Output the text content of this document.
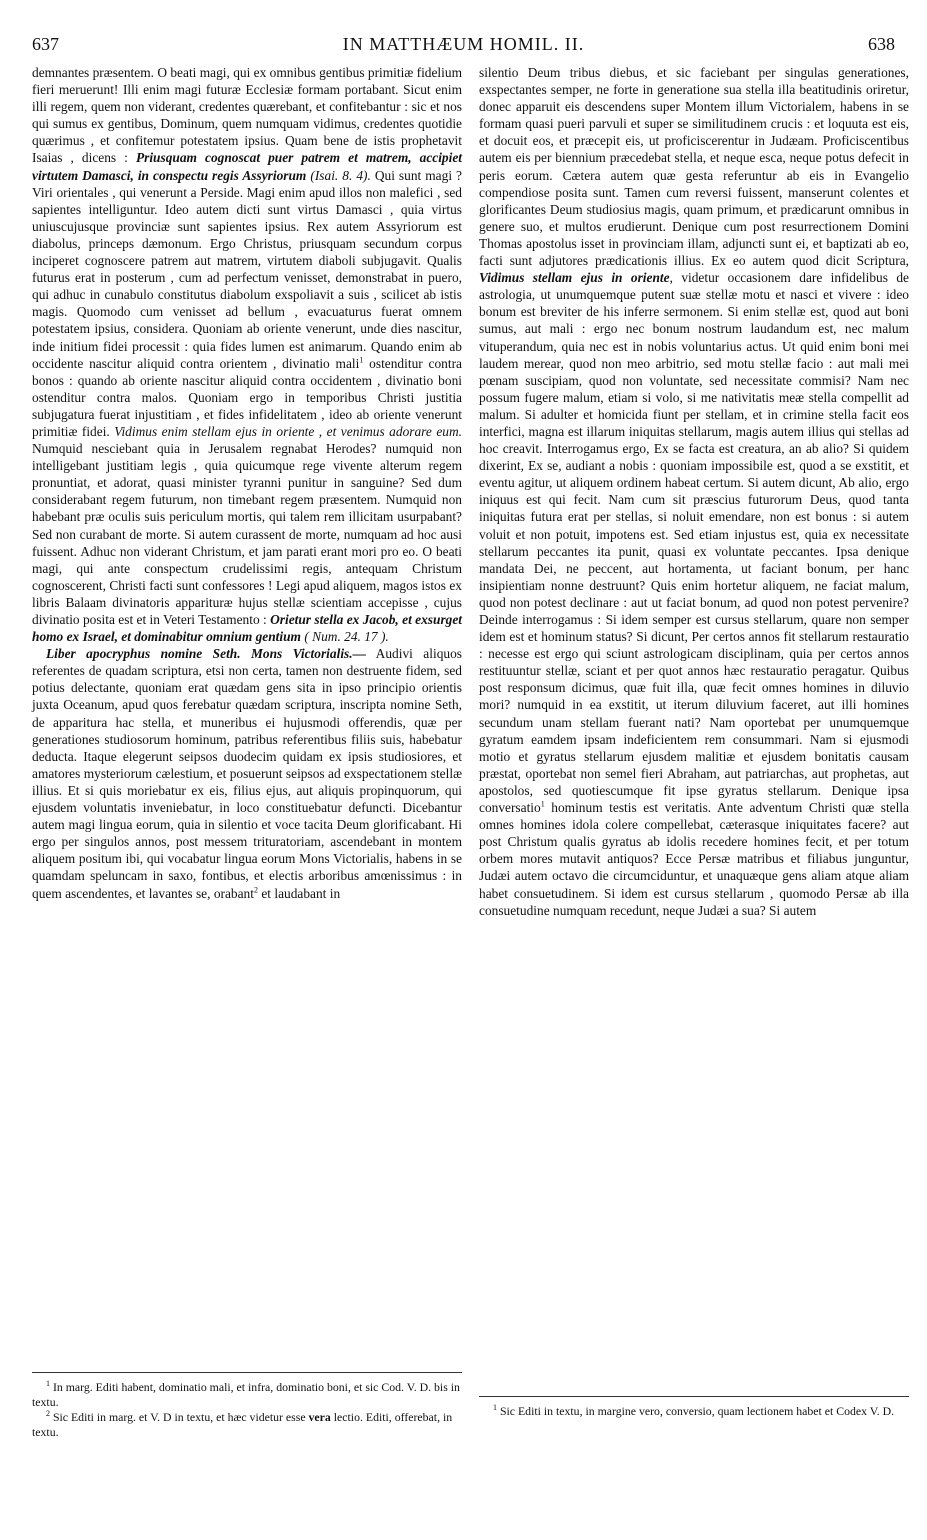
637	IN MATTHÆUM HOMIL. II.	638

demnantes præsentem. O beati magi, qui ex omnibus gentibus primitiæ fidelium fieri meruerunt! Illi enim magi futuræ Ecclesiæ formam portabant. Sicut enim illi regem, quem non viderant, credentes quærebant, et confitebantur : sic et nos qui sumus ex gentibus, Dominum, quem numquam vidimus, credentes quotidie quærimus , et confitemur potestatem ipsius. Quam bene de istis prophetavit Isaias , dicens : Priusquam cognoscat puer patrem et matrem, accipiet virtutem Damasci, in conspectu regis Assyriorum (Isai. 8. 4). Qui sunt magi ? Viri orientales , qui venerunt a Perside. Magi enim apud illos non malefici , sed sapientes intelliguntur. Ideo autem dicti sunt virtus Damasci , quia virtus uniuscujusque provinciæ sunt sapientes ipsius. Rex autem Assyriorum est diabolus, princeps dæmonum. Ergo Christus, priusquam secundum corpus inciperet cognoscere patrem aut matrem, virtutem diaboli subjugavit. Qualis futurus erat in posterum , cum ad perfectum venisset, demonstrabat in puero, qui adhuc in cunabulo constitutus diabolum exspoliavit a suis , scilicet ab istis magis. Quomodo cum venisset ad bellum , evacuaturus fuerat omnem potestatem ipsius, considera. Quoniam ab oriente venerunt, unde dies nascitur, inde initium fidei processit : quia fides lumen est animarum. Quando enim ab occidente nascitur aliquid contra orientem , divinatio mali$^1$ ostenditur contra bonos : quando ab oriente nascitur aliquid contra occidentem , divinatio boni ostenditur contra malos. Quoniam ergo in temporibus Christi justitia subjugatura fuerat injustitiam , et fides infidelitatem , ideo ab oriente venerunt primitiæ fidei. Vidimus enim stellam ejus in oriente , et venimus adorare eum. Numquid nesciebant quia in Jerusalem regnabat Herodes? numquid non intelligebant justitiam legis , quia quicumque rege vivente alterum regem pronuntiat, et adorat, quasi minister tyranni punitur in sanguine? Sed dum considerabant regem futurum, non timebant regem præsentem. Numquid non habebant præ oculis suis periculum mortis, qui talem rem illicitam usurpabant? Sed non curabant de morte. Si autem curassent de morte, numquam ad hoc ausi fuissent. Adhuc non viderant Christum, et jam parati erant mori pro eo. O beati magi, qui ante conspectum crudelissimi regis, antequam Christum cognoscerent, Christi facti sunt confessores ! Legi apud aliquem, magos istos ex libris Balaam divinatoris apparituræ hujus stellæ scientiam accepisse , cujus divinatio posita est et in Veteri Testamento : Orietur stella ex Jacob, et exsurget homo ex Israel, et dominabitur omnium gentium ( Num. 24. 17 ).

Liber apocryphus nomine Seth. Mons Victorialis.— Audivi aliquos referentes de quadam scriptura, etsi non certa, tamen non destruente fidem, sed potius delectante, quoniam erat quædam gens sita in ipso principio orientis juxta Oceanum, apud quos ferebatur quædam scriptura, inscripta nomine Seth, de apparitura hac stella, et muneribus ei hujusmodi offerendis, quæ per generationes studiosorum hominum, patribus referentibus filiis suis, habebatur deducta. Itaque elegerunt seipsos duodecim quidam ex ipsis studiosiores, et amatores mysteriorum cælestium, et posuerunt seipsos ad exspectationem stellæ illius. Et si quis moriebatur ex eis, filius ejus, aut aliquis propinquorum, qui ejusdem voluntatis inveniebatur, in loco constituebatur defuncti. Dicebantur autem magi lingua eorum, quia in silentio et voce tacita Deum glorificabant. Hi ergo per singulos annos, post messem trituratoriam, ascendebant in montem aliquem positum ibi, qui vocabatur lingua eorum Mons Victorialis, habens in se quamdam speluncam in saxo, fontibus, et electis arboribus amœnissimus : in quem ascendentes, et lavantes se, orabant$^2$ et laudabant in

$^1$ In marg. Editi habent, dominatio mali, et infra, dominatio boni, et sic Cod. V. D. bis in textu.

$^2$ Sic Editi in marg. et V. D in textu, et hæc videtur esse vera lectio. Editi, offerebat, in textu.

silentio Deum tribus diebus, et sic faciebant per singulas generationes, exspectantes semper, ne forte in generatione sua stella illa beatitudinis oriretur, donec apparuit eis descendens super Montem illum Victorialem, habens in se formam quasi pueri parvuli et super se similitudinem crucis : et loquuta est eis, et docuit eos, et præcepit eis, ut proficiscerentur in Judæam. Proficiscentibus autem eis per biennium præcedebat stella, et neque esca, neque potus defecit in peris eorum. Cætera autem quæ gesta referuntur ab eis in Evangelio compendiose posita sunt. Tamen cum reversi fuissent, manserunt colentes et glorificantes Deum studiosius magis, quam primum, et prædicarunt omnibus in genere suo, et multos erudierunt. Denique cum post resurrectionem Domini Thomas apostolus isset in provinciam illam, adjuncti sunt ei, et baptizati ab eo, facti sunt adjutores prædicationis illius. Ex eo autem quod dicit Scriptura, Vidimus stellam ejus in oriente, videtur occasionem dare infidelibus de astrologia, ut unumquemque putent suæ stellæ motu et nasci et vivere : ideo bonum est breviter de his inferre sermonem. Si enim stellæ est, quod aut boni sumus, aut mali : ergo nec bonum nostrum laudandum est, nec malum vituperandum, quia nec est in nobis voluntarius actus. Ut quid enim boni mei laudem merear, quod non meo arbitrio, sed motu stellæ facio : aut mali mei pœnam suscipiam, quod non voluntate, sed necessitate commisi? Nam nec possum fugere malum, etiam si volo, si me nativitatis meæ stella compellit ad malum. Si adulter et homicida fiunt per stellam, et in crimine stella facit eos interfici, magna est illarum iniquitas stellarum, magis autem illius qui stellas ad hoc creavit. Interrogamus ergo, Ex se facta est creatura, an ab alio? Si quidem dixerint, Ex se, audiant a nobis : quoniam impossibile est, quod a se exstitit, et eventu agitur, ut aliquem ordinem habeat certum. Si autem dicunt, Ab alio, ergo iniquus est qui fecit. Nam cum sit præscius futurorum Deus, quod tanta iniquitas futura erat per stellas, si noluit emendare, non est bonus : si autem voluit et non potuit, impotens est. Sed etiam injustus est, quia ex necessitate stellarum peccantes ita punit, quasi ex voluntate peccantes. Ipsa denique mandata Dei, ne peccent, aut hortamenta, ut faciant bonum, per hanc insipientiam nonne destruunt? Quis enim hortetur aliquem, ne faciat malum, quod non potest declinare : aut ut faciat bonum, ad quod non potest pervenire? Deinde interrogamus : Si idem semper est cursus stellarum, quare non semper idem est et hominum status? Si dicunt, Per certos annos fit stellarum restauratio : necesse est ergo qui sciunt astrologicam disciplinam, quia per certos annos restituuntur stellæ, sciant et per quot annos hæc restauratio peragatur. Quibus post responsum dicimus, quæ fuit illa, quæ fecit omnes homines in diluvio mori? numquid in ea exstitit, ut iterum diluvium faceret, aut illi homines secundum unam stellam fuerant nati? Nam oportebat per unumquemque gyratum eamdem ipsam indeficientem rem consummari. Nam si ejusmodi motio et gyratus stellarum ejusdem malitiæ et ejusdem bonitatis causam præstat, oportebat non semel fieri Abraham, aut patriarchas, aut prophetas, aut apostolos, sed quotiescumque fit ipse gyratus stellarum. Denique ipsa conversatio$^1$ hominum testis est veritatis. Ante adventum Christi quæ stella omnes homines idola colere compellebat, cæterasque iniquitates facere? aut post Christum qualis gyratus ab idolis recedere homines fecit, et per totum orbem mores mutavit antiquos? Ecce Persæ matribus et filiabus junguntur, Judæi autem octavo die circumciduntur, et unaquæque gens aliam atque aliam habet consuetudinem. Si idem est cursus stellarum , quomodo Persæ ab illa consuetudine numquam recedunt, neque Judæi a sua? Si autem

$^1$ Sic Editi in textu, in margine vero, conversio, quam lectionem habet et Codex V. D.
